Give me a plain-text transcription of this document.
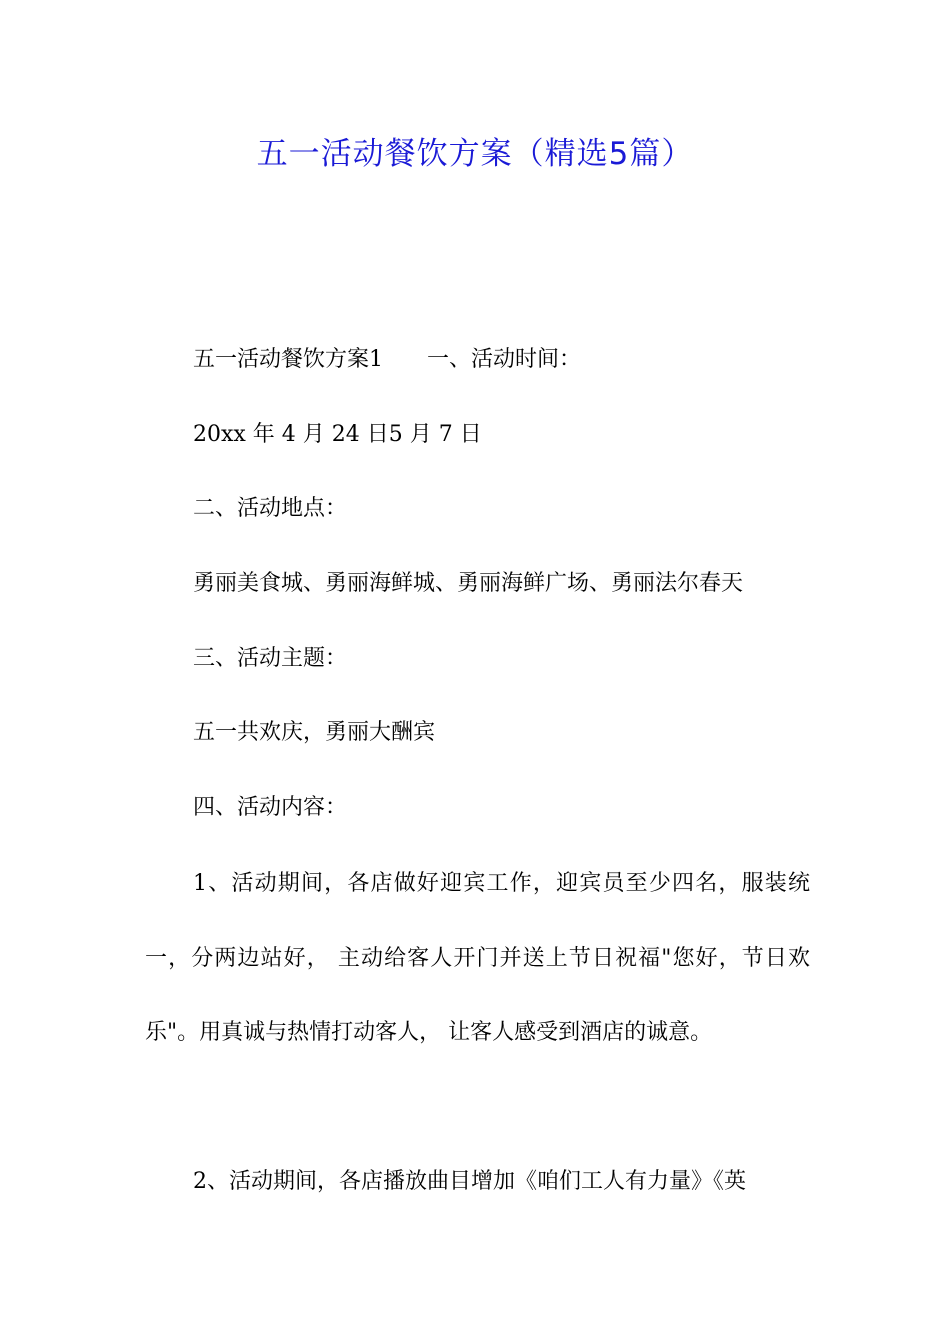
五一活动餐饮方案（精选5篇）
五一活动餐饮方案1 一、活动时间：
20xx 年 4 月 24 日5 月 7 日
二、活动地点：
勇丽美食城、勇丽海鲜城、勇丽海鲜广场、勇丽法尔春天
三、活动主题：
五一共欢庆，勇丽大酬宾
四、活动内容：

1、活动期间，各店做好迎宾工作，迎宾员至少四名，服装统一，分两边站好， 主动给客人开门并送上节日祝福"您好，节日欢乐"。用真诚与热情打动客人， 让客人感受到酒店的诚意。

2、活动期间，各店播放曲目增加《咱们工人有力量》《英
